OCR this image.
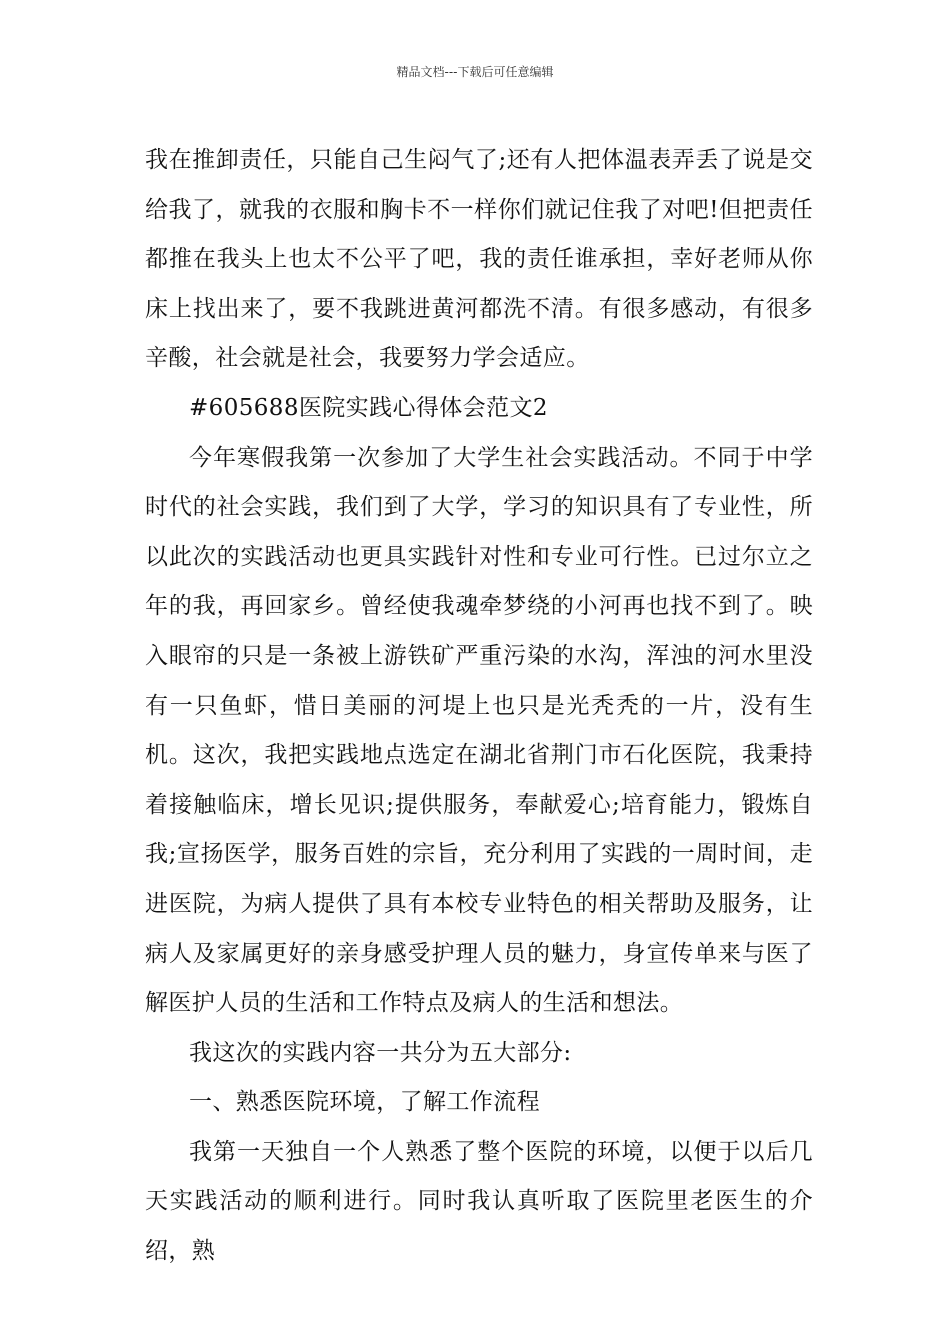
精品文档---下载后可任意编辑

我在推卸责任，只能自己生闷气了;还有人把体温表弄丢了说是交给我了，就我的衣服和胸卡不一样你们就记住我了对吧!但把责任都推在我头上也太不公平了吧，我的责任谁承担，幸好老师从你床上找出来了，要不我跳进黄河都洗不清。有很多感动，有很多辛酸，社会就是社会，我要努力学会适应。

#605688医院实践心得体会范文2

今年寒假我第一次参加了大学生社会实践活动。不同于中学时代的社会实践，我们到了大学，学习的知识具有了专业性，所以此次的实践活动也更具实践针对性和专业可行性。已过尔立之年的我，再回家乡。曾经使我魂牵梦绕的小河再也找不到了。映入眼帘的只是一条被上游铁矿严重污染的水沟，浑浊的河水里没有一只鱼虾，惜日美丽的河堤上也只是光秃秃的一片，没有生机。这次，我把实践地点选定在湖北省荆门市石化医院，我秉持着接触临床，增长见识;提供服务，奉献爱心;培育能力，锻炼自我;宣扬医学，服务百姓的宗旨，充分利用了实践的一周时间，走进医院，为病人提供了具有本校专业特色的相关帮助及服务，让病人及家属更好的亲身感受护理人员的魅力，身宣传单来与医了解医护人员的生活和工作特点及病人的生活和想法。

我这次的实践内容一共分为五大部分:

一、熟悉医院环境，了解工作流程

我第一天独自一个人熟悉了整个医院的环境，以便于以后几天实践活动的顺利进行。同时我认真听取了医院里老医生的介绍，熟
